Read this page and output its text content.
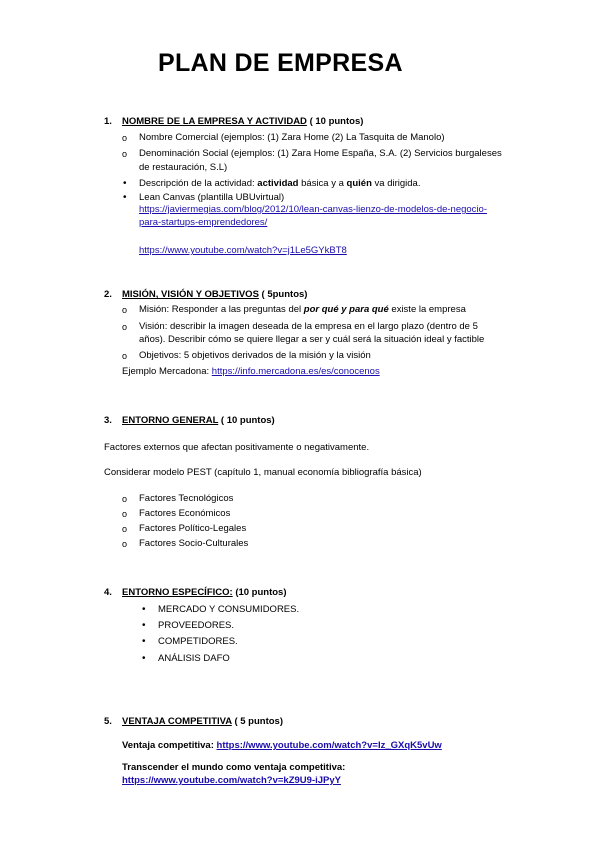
PLAN DE EMPRESA
1. NOMBRE DE LA EMPRESA Y ACTIVIDAD ( 10 puntos)
o Nombre Comercial (ejemplos: (1) Zara Home (2) La Tasquita de Manolo)
o Denominación Social (ejemplos: (1) Zara Home España, S.A. (2) Servicios burgaleses
de restauración, S.L)
• Descripción de la actividad: actividad básica y a quién va dirigida.
• Lean Canvas (plantilla UBUvirtual)
https://javiermegias.com/blog/2012/10/lean-canvas-lienzo-de-modelos-de-negocio-
para-startups-emprendedores/
https://www.youtube.com/watch?v=j1Le5GYkBT8
2. MISIÓN, VISIÓN Y OBJETIVOS ( 5puntos)
o Misión: Responder a las preguntas del por qué y para qué existe la empresa
o Visión: describir la imagen deseada de la empresa en el largo plazo (dentro de 5
años). Describir cómo se quiere llegar a ser y cuál será la situación ideal y factible
o Objetivos: 5 objetivos derivados de la misión y la visión
Ejemplo Mercadona: https://info.mercadona.es/es/conocenos
3. ENTORNO GENERAL ( 10 puntos)
Factores externos que afectan positivamente o negativamente.
Considerar modelo PEST (capítulo 1, manual economía bibliografía básica)
o Factores Tecnológicos
o Factores Económicos
o Factores Político-Legales
o Factores Socio-Culturales
4. ENTORNO ESPECÍFICO: (10 puntos)
• MERCADO Y CONSUMIDORES.
• PROVEEDORES.
• COMPETIDORES.
• ANÁLISIS DAFO
5. VENTAJA COMPETITIVA ( 5 puntos)
Ventaja competitiva: https://www.youtube.com/watch?v=Iz_GXqK5vUw
Transcender el mundo como ventaja competitiva:
https://www.youtube.com/watch?v=kZ9U9-iJPyY
